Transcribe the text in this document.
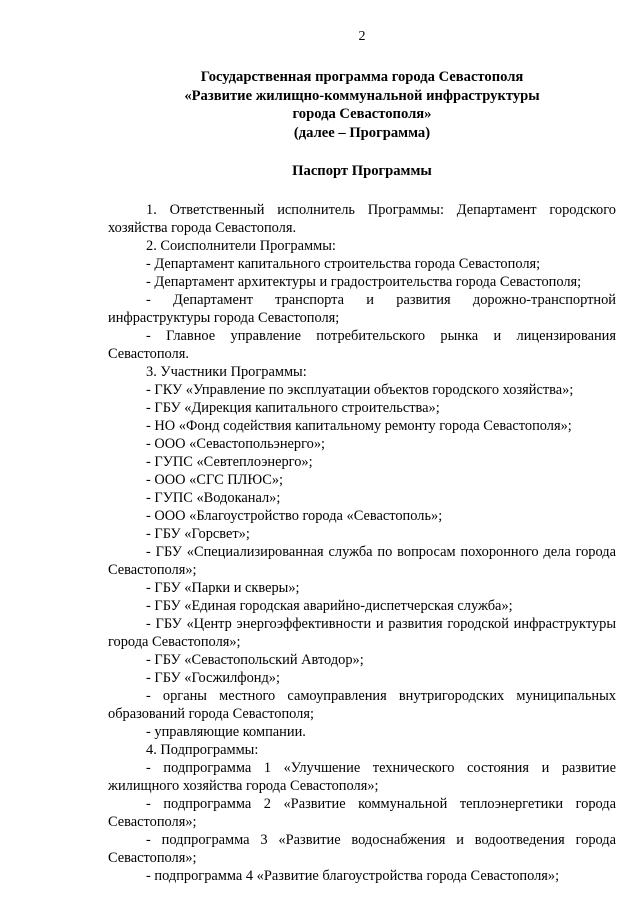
2
Государственная программа города Севастополя
«Развитие жилищно-коммунальной инфраструктуры
города Севастополя»
(далее – Программа)
Паспорт Программы

1. Ответственный исполнитель Программы: Департамент городского хозяйства города Севастополя.

2. Соисполнители Программы:

- Департамент капитального строительства города Севастополя;

- Департамент архитектуры и градостроительства города Севастополя;

- Департамент транспорта и развития дорожно-транспортной инфраструктуры города Севастополя;

- Главное управление потребительского рынка и лицензирования Севастополя.

3. Участники Программы:

- ГКУ «Управление по эксплуатации объектов городского хозяйства»;

- ГБУ «Дирекция капитального строительства»;

- НО «Фонд содействия капитальному ремонту города Севастополя»;

- ООО «Севастопольэнерго»;

- ГУПС «Севтеплоэнерго»;

- ООО «СГС ПЛЮС»;

- ГУПС «Водоканал»;

- ООО «Благоустройство города «Севастополь»;

- ГБУ «Горсвет»;

- ГБУ «Специализированная служба по вопросам похоронного дела города Севастополя»;

- ГБУ «Парки и скверы»;

- ГБУ «Единая городская аварийно-диспетчерская служба»;

- ГБУ «Центр энергоэффективности и развития городской инфраструктуры города Севастополя»;

- ГБУ «Севастопольский Автодор»;

- ГБУ «Госжилфонд»;

- органы местного самоуправления внутригородских муниципальных образований города Севастополя;

- управляющие компании.

4. Подпрограммы:

- подпрограмма 1 «Улучшение технического состояния и развитие жилищного хозяйства города Севастополя»;

- подпрограмма 2 «Развитие коммунальной теплоэнергетики города Севастополя»;

- подпрограмма 3 «Развитие водоснабжения и водоотведения города Севастополя»;

- подпрограмма 4 «Развитие благоустройства города Севастополя»;
